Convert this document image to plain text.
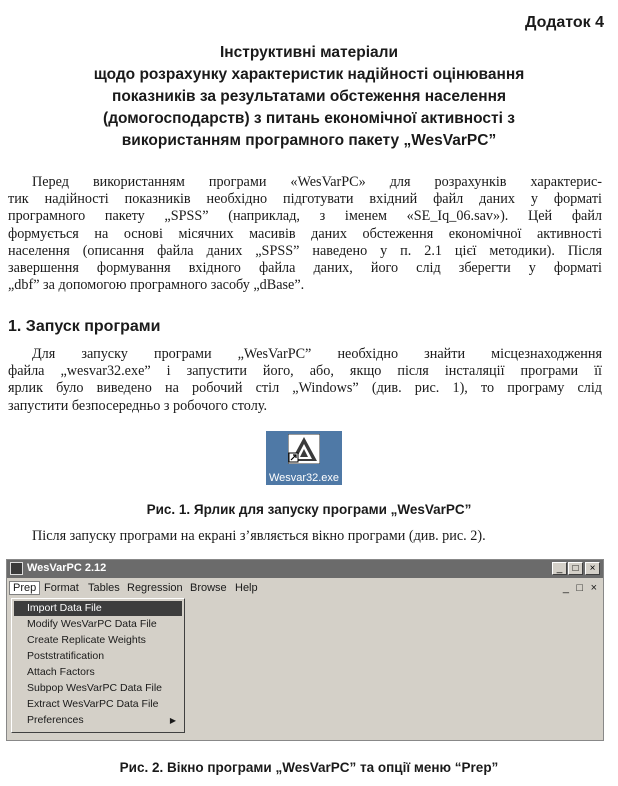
Додаток 4
Інструктивні матеріали
щодо розрахунку характеристик надійності оцінювання
показників за результатами обстеження населення
(домогосподарств) з питань економічної активності з
використанням програмного пакету „WesVarPC”
Перед використанням програми «WesVarPC» для розрахунків характерис-
тик надійності показників необхідно підготувати вхідний файл даних у форматі
програмного пакету „SPSS” (наприклад, з іменем «SE_Iq_06.sav»). Цей файл
формується на основі місячних масивів даних обстеження економічної активності
населення (описання файла даних „SPSS” наведено у п. 2.1 цієї методики). Після
завершення формування вхідного файла даних, його слід зберегти у форматі
„dbf” за допомогою програмного засобу „dBase”.
1. Запуск програми
Для запуску програми „WesVarPC” необхідно знайти місцезнаходження
файла „wesvar32.exe” і запустити його, або, якщо після інсталяції програми її
ярлик було виведено на робочий стіл „Windows” (див. рис. 1), то програму слід
запустити безпосередньо з робочого столу.
Wesvar32.exe
Рис. 1. Ярлик для запуску програми „WesVarPC”
Після запуску програми на екрані з’являється вікно програми (див. рис. 2).
WesVarPC 2.12	_	□	×
Prep Format Tables Regression Browse Help	_ □ ×
Import Data File
Modify WesVarPC Data File
Create Replicate Weights
Poststratification
Attach Factors
Subpop WesVarPC Data File
Extract WesVarPC Data File
Preferences	▶
Рис. 2. Вікно програми „WesVarPC” та опції меню “Prep”
